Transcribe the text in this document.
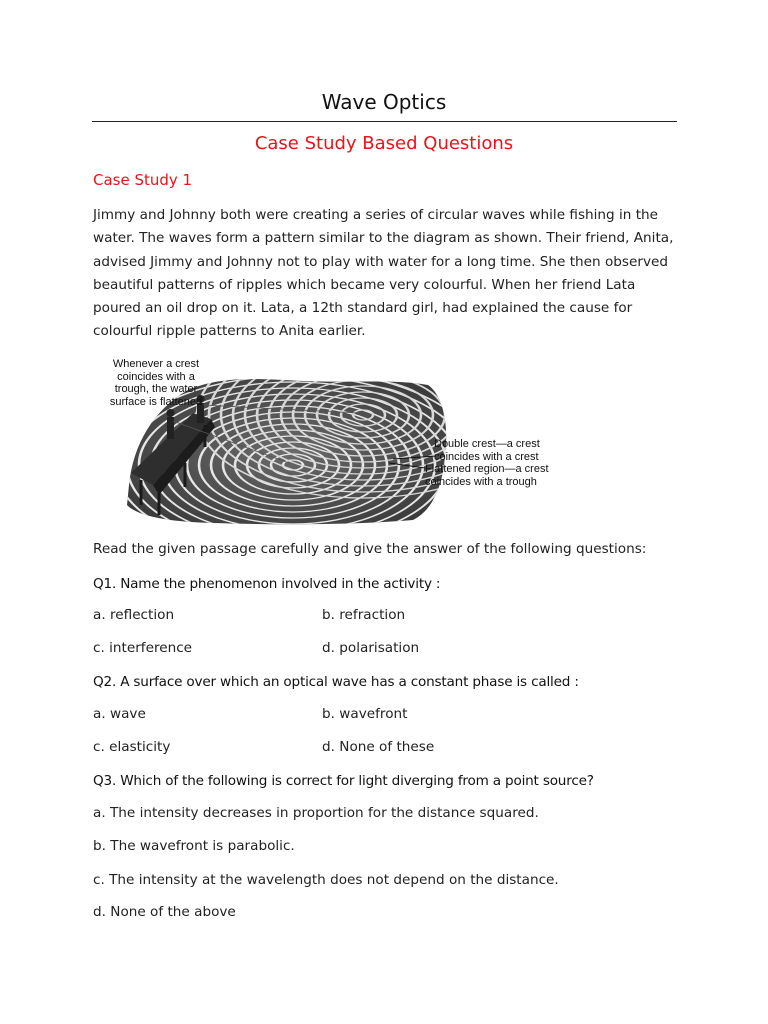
Wave Optics
Case Study Based Questions
Case Study 1
Jimmy and Johnny both were creating a series of circular waves while fishing in the
water. The waves form a pattern similar to the diagram as shown. Their friend, Anita,
advised Jimmy and Johnny not to play with water for a long time. She then observed
beautiful patterns of ripples which became very colourful. When her friend Lata
poured an oil drop on it. Lata, a 12th standard girl, had explained the cause for
colourful ripple patterns to Anita earlier.
Whenever a crest
coincides with a
trough, the water
surface is flattened
Double crest—a crest
coincides with a crest
Flattened region—a crest
coincides with a trough
Read the given passage carefully and give the answer of the following questions:
Q1. Name the phenomenon involved in the activity :
a. reflection	b. refraction
c. interference	d. polarisation
Q2. A surface over which an optical wave has a constant phase is called :
a. wave	b. wavefront
c. elasticity	d. None of these
Q3. Which of the following is correct for light diverging from a point source?
a. The intensity decreases in proportion for the distance squared.
b. The wavefront is parabolic.
c. The intensity at the wavelength does not depend on the distance.
d. None of the above
